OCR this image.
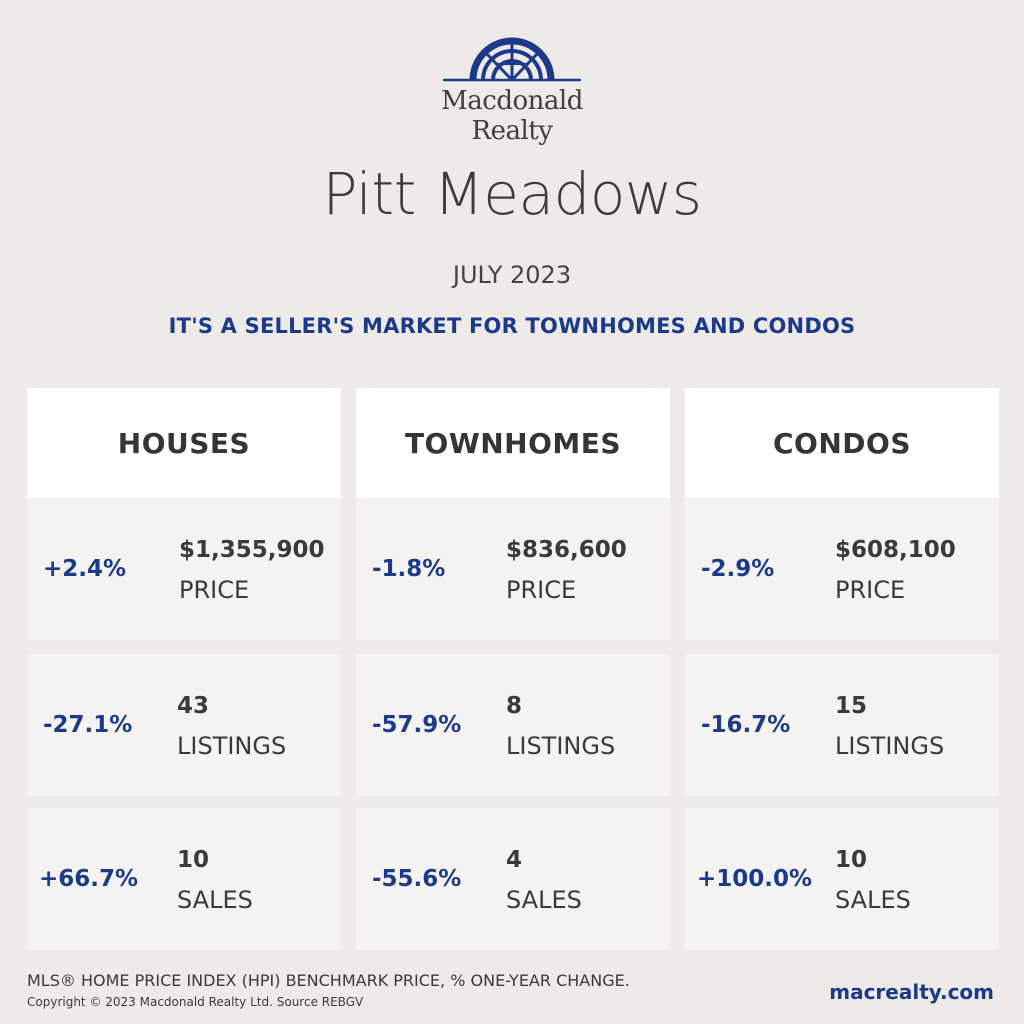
Macdonald
Realty
Pitt Meadows
JULY 2023
IT'S A SELLER'S MARKET FOR TOWNHOMES AND CONDOS
HOUSES
+2.4%
$1,355,900
PRICE
-27.1%
43
LISTINGS
+66.7%
10
SALES
TOWNHOMES
-1.8%
$836,600
PRICE
-57.9%
8
LISTINGS
-55.6%
4
SALES
CONDOS
-2.9%
$608,100
PRICE
-16.7%
15
LISTINGS
+100.0%
10
SALES
MLS® HOME PRICE INDEX (HPI) BENCHMARK PRICE, % ONE-YEAR CHANGE.
Copyright © 2023 Macdonald Realty Ltd. Source REBGV	macrealty.com
